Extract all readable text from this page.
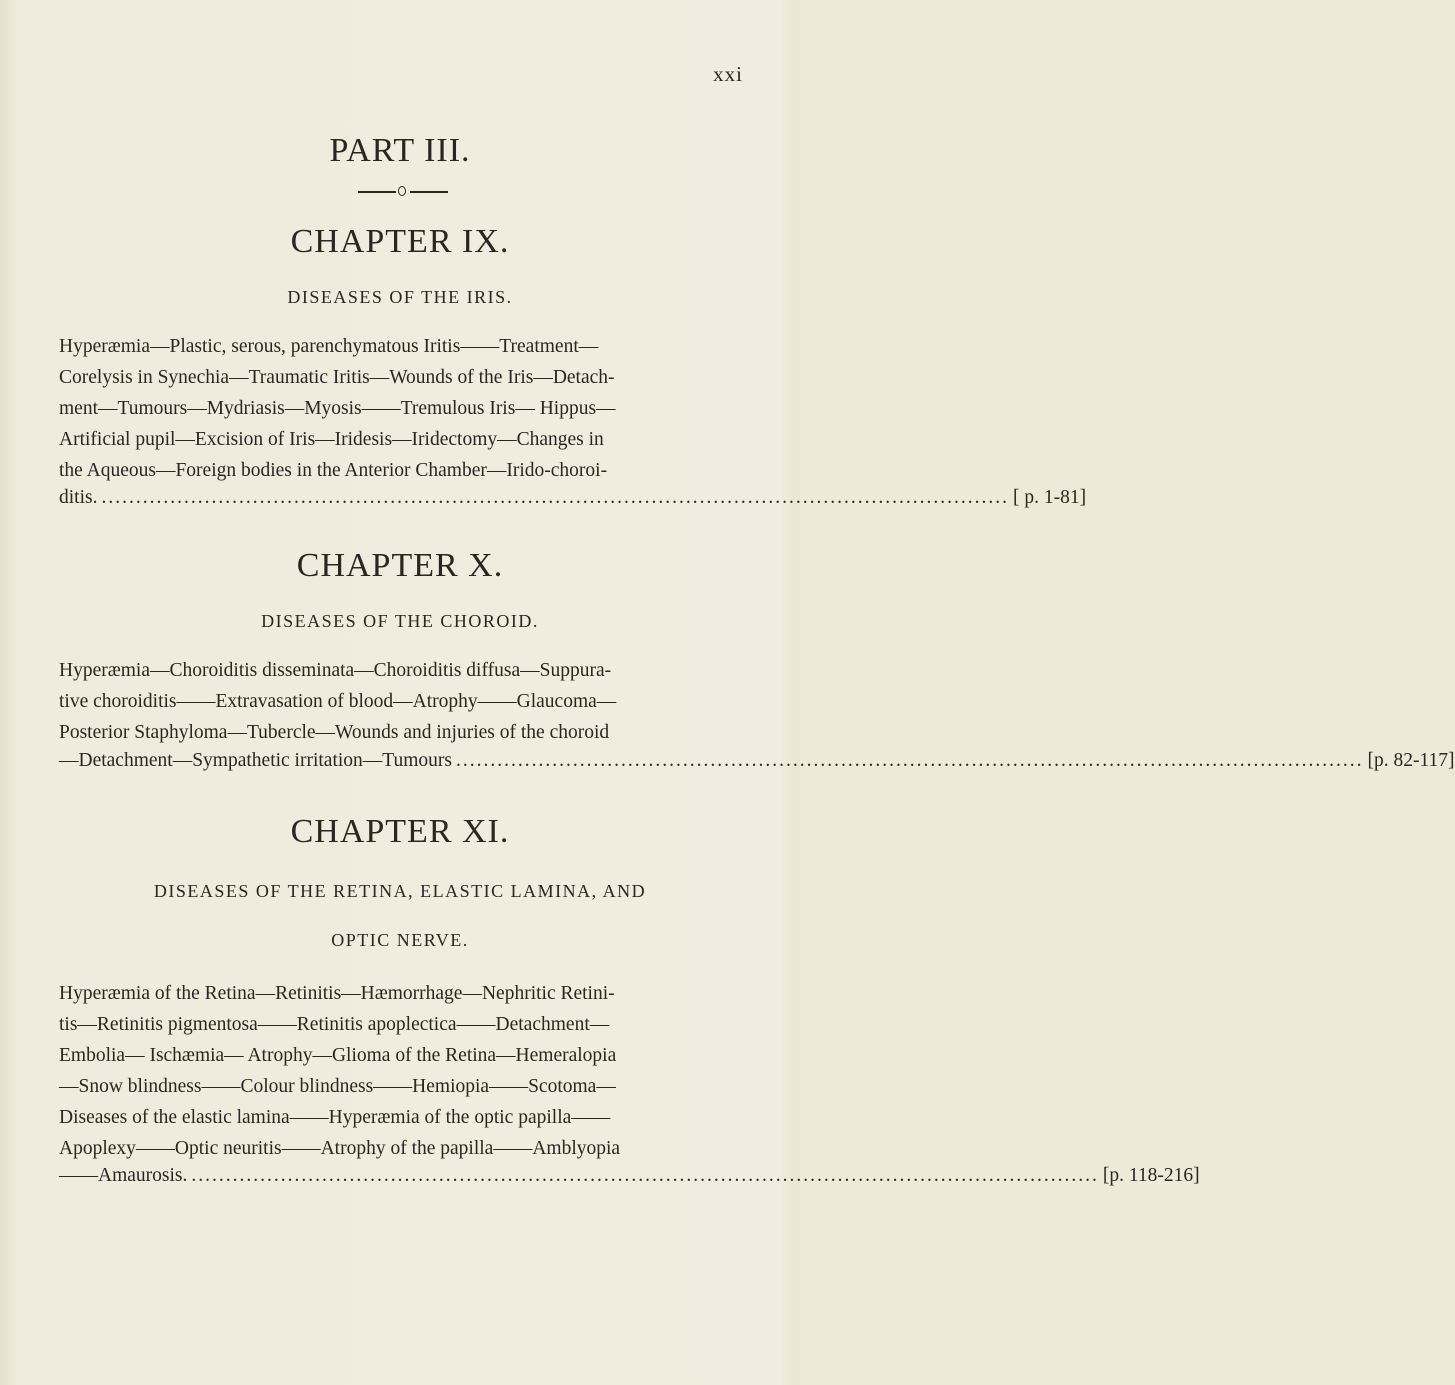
xxi
PART III.
CHAPTER IX.
DISEASES OF THE IRIS.
Hyperæmia—Plastic, serous, parenchymatous Iritis——Treatment—
Corelysis in Synechia—Traumatic Iritis—Wounds of the Iris—Detach-
ment—Tumours—Mydriasis—Myosis——Tremulous Iris— Hippus—
Artificial pupil—Excision of Iris—Iridesis—Iridectomy—Changes in
the Aqueous—Foreign bodies in the Anterior Chamber—Irido-choroi-
ditis. .................................................................................................................................... [ p. 1-81]
CHAPTER X.
DISEASES OF THE CHOROID.
Hyperæmia—Choroiditis disseminata—Choroiditis diffusa—Suppura-
tive choroiditis——Extravasation of blood—Atrophy——Glaucoma—
Posterior Staphyloma—Tubercle—Wounds and injuries of the choroid
—Detachment—Sympathetic irritation—Tumours .................................................................................................................................... [p. 82-117]
CHAPTER XI.
DISEASES OF THE RETINA, ELASTIC LAMINA, AND
OPTIC NERVE.
Hyperæmia of the Retina—Retinitis—Hæmorrhage—Nephritic Retini-
tis—Retinitis pigmentosa——Retinitis apoplectica——Detachment—
Embolia— Ischæmia— Atrophy—Glioma of the Retina—Hemeralopia
—Snow blindness——Colour blindness——Hemiopia——Scotoma—
Diseases of the elastic lamina——Hyperæmia of the optic papilla——
Apoplexy——Optic neuritis——Atrophy of the papilla——Amblyopia
——Amaurosis. .................................................................................................................................... [p. 118-216]
